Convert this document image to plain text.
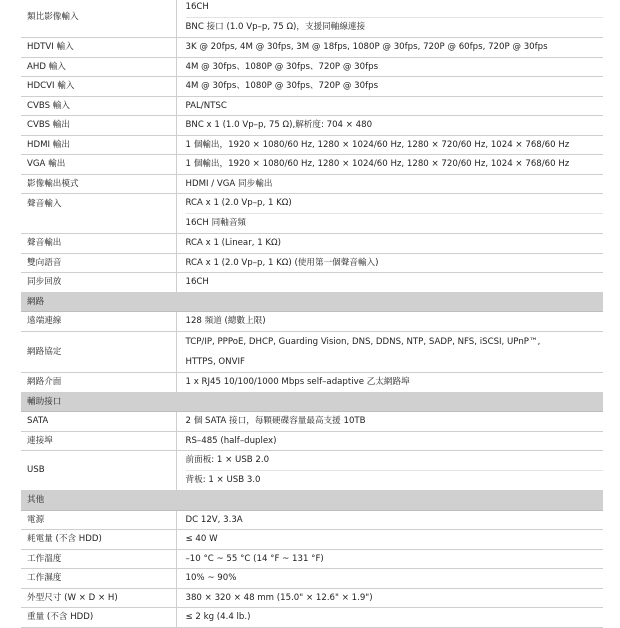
類比影像輸入	16CH
BNC 接口 (1.0 Vp–p, 75 Ω)，支援同軸線連接

HDTVI 輸入	3K @ 20fps, 4M @ 30fps, 3M @ 18fps, 1080P @ 30fps, 720P @ 60fps, 720P @ 30fps
AHD 輸入	4M @ 30fps、1080P @ 30fps、720P @ 30fps
HDCVI 輸入	4M @ 30fps、1080P @ 30fps、720P @ 30fps
CVBS 輸入	PAL/NTSC
CVBS 輸出	BNC x 1 (1.0 Vp–p, 75 Ω),解析度: 704 × 480
HDMI 輸出	1 個輸出，1920 × 1080/60 Hz, 1280 × 1024/60 Hz, 1280 × 720/60 Hz, 1024 × 768/60 Hz
VGA 輸出	1 個輸出，1920 × 1080/60 Hz, 1280 × 1024/60 Hz, 1280 × 720/60 Hz, 1024 × 768/60 Hz
影像輸出模式	HDMI / VGA 同步輸出
聲音輸入	RCA x 1 (2.0 Vp–p, 1 KΩ)
16CH 同軸音頻

聲音輸出	RCA x 1 (Linear, 1 KΩ)
雙向語音	RCA x 1 (2.0 Vp–p, 1 KΩ) (使用第一個聲音輸入)
同步回放	16CH
網路	
遠端連線	128 頻道 (總數上限)
網路協定	TCP/IP, PPPoE, DHCP, Guarding Vision, DNS, DDNS, NTP, SADP, NFS, iSCSI, UPnP™,
HTTPS, ONVIF

網路介面	1 x RJ45 10/100/1000 Mbps self–adaptive 乙太網路埠
輔助接口	
SATA	2 個 SATA 接口，每顆硬碟容量最高支援 10TB
連接埠	RS–485 (half–duplex)
USB	前面板: 1 × USB 2.0
背板: 1 × USB 3.0

其他	
電源	DC 12V, 3.3A
耗電量 (不含 HDD)	≤ 40 W
工作溫度	–10 °C ~ 55 °C (14 °F ~ 131 °F)
工作濕度	10% ~ 90%
外型尺寸 (W × D × H)	380 × 320 × 48 mm (15.0" × 12.6" × 1.9")
重量 (不含 HDD)	≤ 2 kg (4.4 lb.)
